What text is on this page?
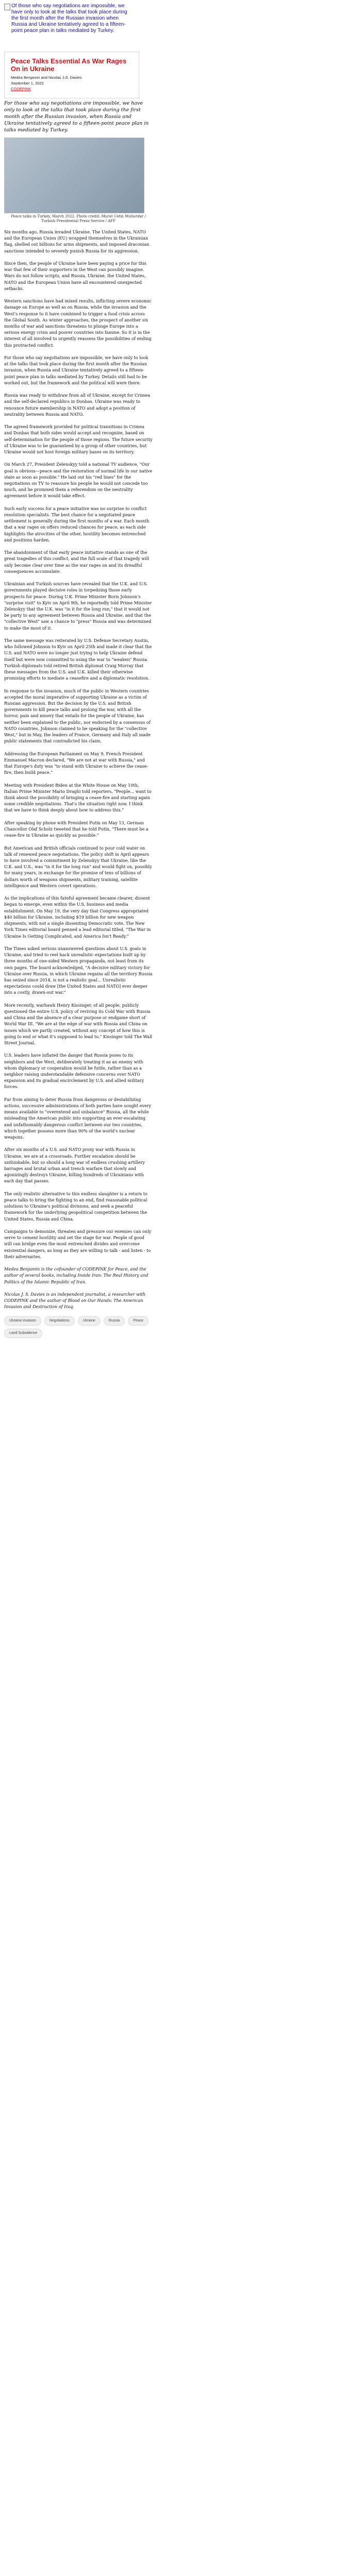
Of those who say negotiations are impossible, we have only to look at the talks that took place during the first month after the Russian invasion when Russia and Ukraine tentatively agreed to a fifteen-point peace plan in talks mediated by Turkey.
Peace Talks Essential As War Rages On in Ukraine
Medea Benjamin and Nicolas J.S. Davies
September 1, 2022
CODEPINK

For those who say negotiations are impossible, we have only to look at the talks that took place during the first month after the Russian invasion, when Russia and Ukraine tentatively agreed to a fifteen-point peace plan in talks mediated by Turkey.

Peace talks in Turkey, March 2022. Photo credit: Murat Cetin Muhurdar / Turkish Presidential Press Service / AFP

Six months ago, Russia invaded Ukraine. The United States, NATO and the European Union (EU) wrapped themselves in the Ukrainian flag, shelled out billions for arms shipments, and imposed draconian sanctions intended to severely punish Russia for its aggression.

Since then, the people of Ukraine have been paying a price for this war that few of their supporters in the West can possibly imagine. Wars do not follow scripts, and Russia, Ukraine, the United States, NATO and the European Union have all encountered unexpected setbacks.

Western sanctions have had mixed results, inflicting severe economic damage on Europe as well as on Russia, while the invasion and the West's response to it have combined to trigger a food crisis across the Global South. As winter approaches, the prospect of another six months of war and sanctions threatens to plunge Europe into a serious energy crisis and poorer countries into famine. So it is in the interest of all involved to urgently reassess the possibilities of ending this protracted conflict.

For those who say negotiations are impossible, we have only to look at the talks that took place during the first month after the Russian invasion, when Russia and Ukraine tentatively agreed to a fifteen-point peace plan in talks mediated by Turkey. Details still had to be worked out, but the framework and the political will were there.

Russia was ready to withdraw from all of Ukraine, except for Crimea and the self-declared republics in Donbas. Ukraine was ready to renounce future membership in NATO and adopt a position of neutrality between Russia and NATO.

The agreed framework provided for political transitions in Crimea and Donbas that both sides would accept and recognize, based on self-determination for the people of those regions. The future security of Ukraine was to be guaranteed by a group of other countries, but Ukraine would not host foreign military bases on its territory.

On March 27, President Zelenskyy told a national TV audience, "Our goal is obvious—peace and the restoration of normal life in our native state as soon as possible." He laid out his "red lines" for the negotiations on TV to reassure his people he would not concede too much, and he promised them a referendum on the neutrality agreement before it would take effect.

Such early success for a peace initiative was no surprise to conflict resolution specialists. The best chance for a negotiated peace settlement is generally during the first months of a war. Each month that a war rages on offers reduced chances for peace, as each side highlights the atrocities of the other, hostility becomes entrenched and positions harden.

The abandonment of that early peace initiative stands as one of the great tragedies of this conflict, and the full scale of that tragedy will only become clear over time as the war rages on and its dreadful consequences accumulate.

Ukrainian and Turkish sources have revealed that the U.K. and U.S. governments played decisive roles in torpedoing those early prospects for peace. During U.K. Prime Minister Boris Johnson's "surprise visit" to Kyiv on April 9th, he reportedly told Prime Minister Zelenskyy that the U.K. was "in it for the long run," that it would not be party to any agreement between Russia and Ukraine, and that the "collective West" saw a chance to "press" Russia and was determined to make the most of it.

The same message was reiterated by U.S. Defense Secretary Austin, who followed Johnson to Kyiv on April 25th and made it clear that the U.S. and NATO were no longer just trying to help Ukraine defend itself but were now committed to using the war to "weaken" Russia. Turkish diplomats told retired British diplomat Craig Murray that these messages from the U.S. and U.K. killed their otherwise promising efforts to mediate a ceasefire and a diplomatic resolution.

In response to the invasion, much of the public in Western countries accepted the moral imperative of supporting Ukraine as a victim of Russian aggression. But the decision by the U.S. and British governments to kill peace talks and prolong the war, with all the horror, pain and misery that entails for the people of Ukraine, has neither been explained to the public, nor endorsed by a consensus of NATO countries. Johnson claimed to be speaking for the "collective West," but in May, the leaders of France, Germany and Italy all made public statements that contradicted his claim.

Addressing the European Parliament on May 9, French President Emmanuel Macron declared, "We are not at war with Russia," and that Europe's duty was "to stand with Ukraine to achieve the cease-fire, then build peace."

Meeting with President Biden at the White House on May 10th, Italian Prime Minister Mario Draghi told reporters, "People... want to think about the possibility of bringing a cease-fire and starting again some credible negotiations. That's the situation right now. I think that we have to think deeply about how to address this."

After speaking by phone with President Putin on May 13, German Chancellor Olaf Scholz tweeted that he told Putin, "There must be a cease-fire in Ukraine as quickly as possible."

But American and British officials continued to pour cold water on talk of renewed peace negotiations. The policy shift in April appears to have involved a commitment by Zelenskyy that Ukraine, like the U.K. and U.S., was "in it for the long run" and would fight on, possibly for many years, in exchange for the promise of tens of billions of dollars worth of weapons shipments, military training, satellite intelligence and Western covert operations.

As the implications of this fateful agreement became clearer, dissent began to emerge, even within the U.S. business and media establishment. On May 19, the very day that Congress appropriated $40 billion for Ukraine, including $19 billion for new weapon shipments, with not a single dissenting Democratic vote, The New York Times editorial board penned a lead editorial titled, "The War in Ukraine Is Getting Complicated, and America Isn't Ready."

The Times asked serious unanswered questions about U.S. goals in Ukraine, and tried to reel back unrealistic expectations built up by three months of one-sided Western propaganda, not least from its own pages. The board acknowledged, "A decisive military victory for Ukraine over Russia, in which Ukraine regains all the territory Russia has seized since 2014, is not a realistic goal... Unrealistic expectations could draw [the United States and NATO] ever deeper into a costly, drawn-out war."

More recently, warhawk Henry Kissinger, of all people, publicly questioned the entire U.S. policy of reviving its Cold War with Russia and China and the absence of a clear purpose or endgame short of World War III. "We are at the edge of war with Russia and China on issues which we partly created, without any concept of how this is going to end or what it's supposed to lead to," Kissinger told The Wall Street Journal.

U.S. leaders have inflated the danger that Russia poses to its neighbors and the West, deliberately treating it as an enemy with whom diplomacy or cooperation would be futile, rather than as a neighbor raising understandable defensive concerns over NATO expansion and its gradual encirclement by U.S. and allied military forces.

Far from aiming to deter Russia from dangerous or destabilizing actions, successive administrations of both parties have sought every means available to "overextend and unbalance" Russia, all the while misleading the American public into supporting an ever-escalating and unfathomably dangerous conflict between our two countries, which together possess more than 90% of the world's nuclear weapons.

After six months of a U.S. and NATO proxy war with Russia in Ukraine, we are at a crossroads. Further escalation should be unthinkable, but so should a long war of endless crushing artillery barrages and brutal urban and trench warfare that slowly and agonizingly destroys Ukraine, killing hundreds of Ukrainians with each day that passes.

The only realistic alternative to this endless slaughter is a return to peace talks to bring the fighting to an end, find reasonable political solutions to Ukraine's political divisions, and seek a peaceful framework for the underlying geopolitical competition between the United States, Russia and China.

Campaigns to demonize, threaten and pressure our enemies can only serve to cement hostility and set the stage for war. People of good will can bridge even the most entrenched divides and overcome existential dangers, as long as they are willing to talk - and listen - to their adversaries.

Medea Benjamin is the cofounder of CODEPINK for Peace, and the author of several books, including Inside Iran: The Real History and Politics of the Islamic Republic of Iran.

Nicolas J. S. Davies is an independent journalist, a researcher with CODEPINK and the author of Blood on Our Hands: The American Invasion and Destruction of Iraq.

Ukraine invasion	Negotiations	Ukraine	Russia	Peace
Land Subsidence
